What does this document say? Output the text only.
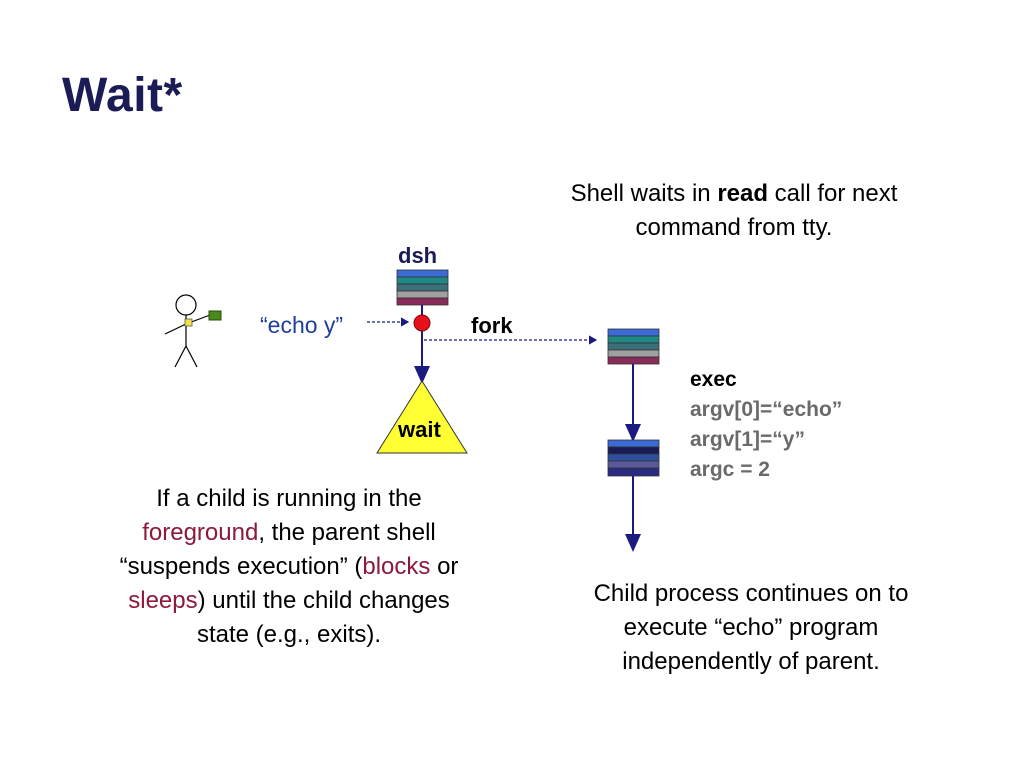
Wait*
Shell waits in read call for next command from tty.
dsh
“echo y”	fork
wait
exec
argv[0]=“echo”
argv[1]=“y”
argc = 2
If a child is running in the foreground, the parent shell “suspends execution” (blocks or sleeps) until the child changes state (e.g., exits).
Child process continues on to execute “echo” program independently of parent.
